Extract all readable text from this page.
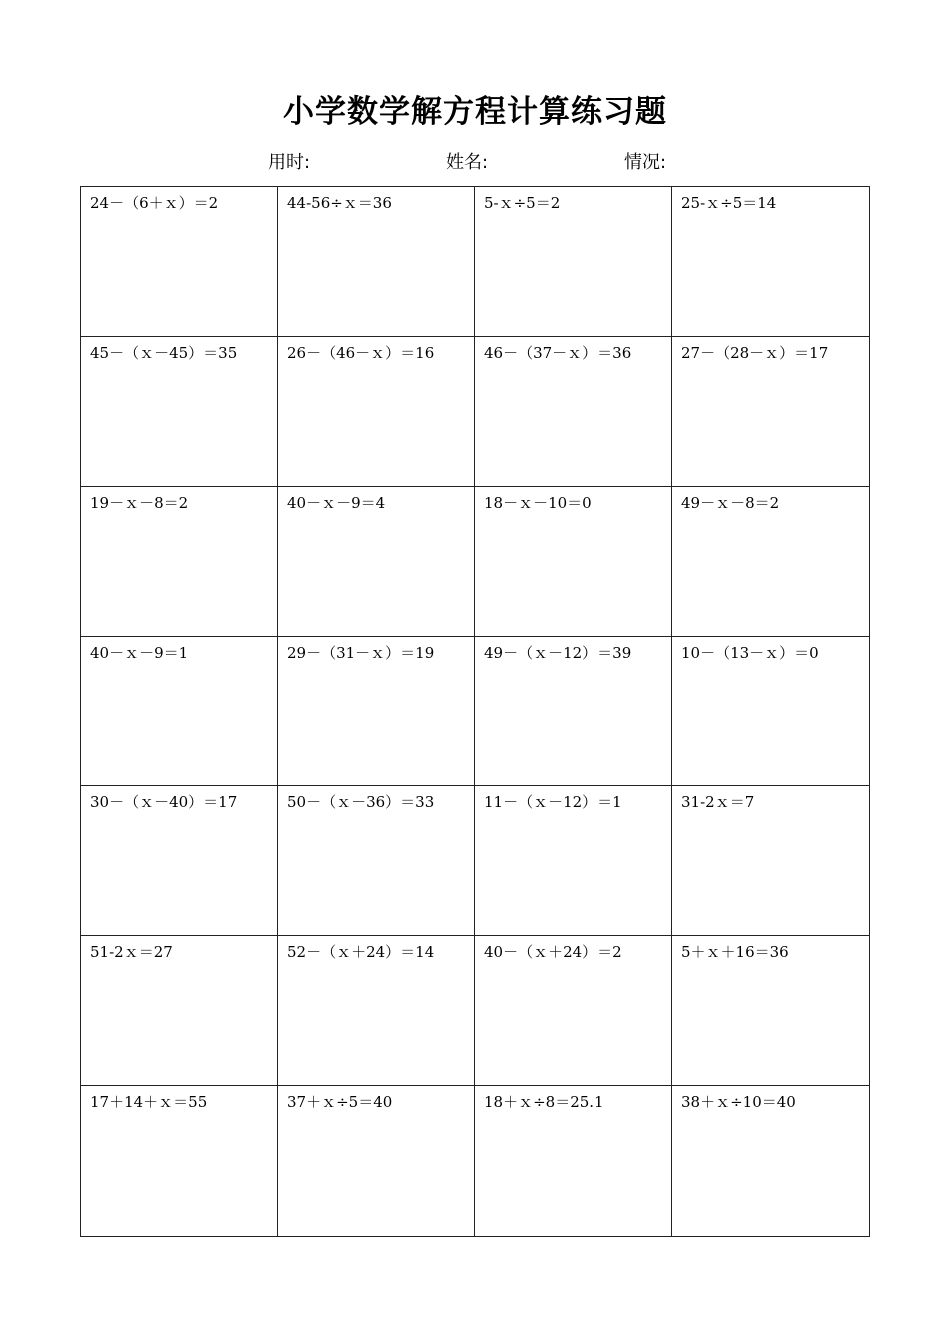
小学数学解方程计算练习题
用时:	姓名:	情况:
24－（6＋ｘ）＝2	44-56÷ｘ＝36	5-ｘ÷5＝2	25-ｘ÷5＝14
45－（ｘ－45）＝35	26－（46－ｘ）＝16	46－（37－ｘ）＝36	27－（28－ｘ）＝17
19－ｘ－8＝2	40－ｘ－9＝4	18－ｘ－10＝0	49－ｘ－8＝2
40－ｘ－9＝1	29－（31－ｘ）＝19	49－（ｘ－12）＝39	10－（13－ｘ）＝0
30－（ｘ－40）＝17	50－（ｘ－36）＝33	11－（ｘ－12）＝1	31-2ｘ＝7
51-2ｘ＝27	52－（ｘ＋24）＝14	40－（ｘ＋24）＝2	5＋ｘ＋16＝36
17＋14＋ｘ＝55	37＋ｘ÷5＝40	18＋ｘ÷8＝25.1	38＋ｘ÷10＝40
